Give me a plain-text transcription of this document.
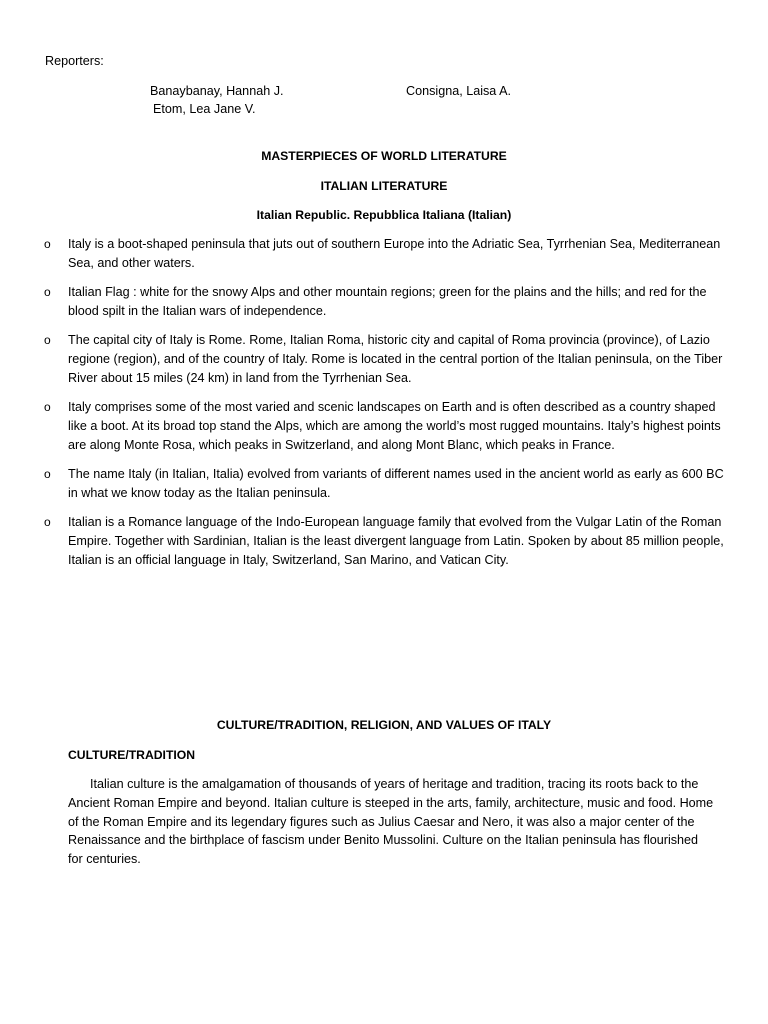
Reporters:
Banaybanay, Hannah J.	Consigna, Laisa A.
Etom, Lea Jane V.
MASTERPIECES OF WORLD LITERATURE
ITALIAN LITERATURE
Italian Republic. Repubblica Italiana (Italian)
o Italy is a boot-shaped peninsula that juts out of southern Europe into the Adriatic Sea, Tyrrhenian Sea, Mediterranean Sea, and other waters.
o Italian Flag : white for the snowy Alps and other mountain regions; green for the plains and the hills; and red for the blood spilt in the Italian wars of independence.
o The capital city of Italy is Rome. Rome, Italian Roma, historic city and capital of Roma provincia (province), of Lazio regione (region), and of the country of Italy. Rome is located in the central portion of the Italian peninsula, on the Tiber River about 15 miles (24 km) in land from the Tyrrhenian Sea.
o Italy comprises some of the most varied and scenic landscapes on Earth and is often described as a country shaped like a boot. At its broad top stand the Alps, which are among the world’s most rugged mountains. Italy’s highest points are along Monte Rosa, which peaks in Switzerland, and along Mont Blanc, which peaks in France.
o The name Italy (in Italian, Italia) evolved from variants of different names used in the ancient world as early as 600 BC in what we know today as the Italian peninsula.
o Italian is a Romance language of the Indo-European language family that evolved from the Vulgar Latin of the Roman Empire. Together with Sardinian, Italian is the least divergent language from Latin. Spoken by about 85 million people, Italian is an official language in Italy, Switzerland, San Marino, and Vatican City.
CULTURE/TRADITION, RELIGION, AND VALUES OF ITALY
CULTURE/TRADITION
Italian culture is the amalgamation of thousands of years of heritage and tradition, tracing its roots back to the Ancient Roman Empire and beyond. Italian culture is steeped in the arts, family, architecture, music and food. Home of the Roman Empire and its legendary figures such as Julius Caesar and Nero, it was also a major center of the Renaissance and the birthplace of fascism under Benito Mussolini. Culture on the Italian peninsula has flourished for centuries.
